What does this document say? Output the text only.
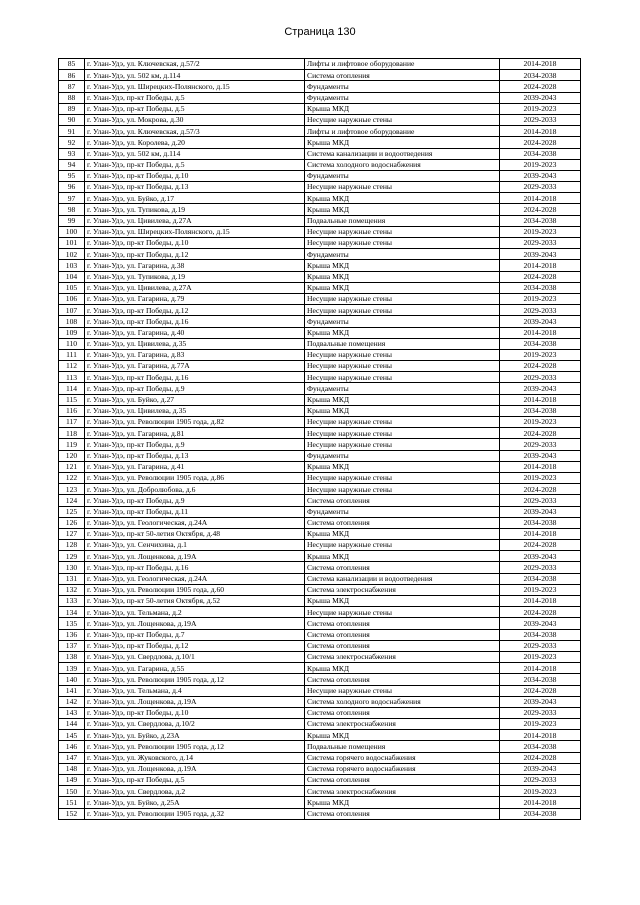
Страница 130
85	г. Улан-Удэ, ул. Ключевская, д.57/2	Лифты и лифтовое оборудование	2014-2018
86	г. Улан-Удэ, ул. 502 км, д.114	Система отопления	2034-2038
87	г. Улан-Удэ, ул. Ширецких-Полянского, д.15	Фундаменты	2024-2028
88	г. Улан-Удэ, пр-кт Победы, д.5	Фундаменты	2039-2043
89	г. Улан-Удэ, пр-кт Победы, д.5	Крыша МКД	2019-2023
90	г. Улан-Удэ, ул. Мокрова, д.30	Несущие наружные стены	2029-2033
91	г. Улан-Удэ, ул. Ключевская, д.57/3	Лифты и лифтовое оборудование	2014-2018
92	г. Улан-Удэ, ул. Королева, д.20	Крыша МКД	2024-2028
93	г. Улан-Удэ, ул. 502 км, д.114	Система канализации и водоотведения	2034-2038
94	г. Улан-Удэ, пр-кт Победы, д.5	Система холодного водоснабжения	2019-2023
95	г. Улан-Удэ, пр-кт Победы, д.10	Фундаменты	2039-2043
96	г. Улан-Удэ, пр-кт Победы, д.13	Несущие наружные стены	2029-2033
97	г. Улан-Удэ, ул. Буйко, д.17	Крыша МКД	2014-2018
98	г. Улан-Удэ, ул. Тупикова, д.19	Крыша МКД	2024-2028
99	г. Улан-Удэ, ул. Цивилева, д.27А	Подвальные помещения	2034-2038
100	г. Улан-Удэ, ул. Ширецких-Полянского, д.15	Несущие наружные стены	2019-2023
101	г. Улан-Удэ, пр-кт Победы, д.10	Несущие наружные стены	2029-2033
102	г. Улан-Удэ, пр-кт Победы, д.12	Фундаменты	2039-2043
103	г. Улан-Удэ, ул. Гагарина, д.38	Крыша МКД	2014-2018
104	г. Улан-Удэ, ул. Тупикова, д.19	Крыша МКД	2024-2028
105	г. Улан-Удэ, ул. Цивилева, д.27А	Крыша МКД	2034-2038
106	г. Улан-Удэ, ул. Гагарина, д.79	Несущие наружные стены	2019-2023
107	г. Улан-Удэ, пр-кт Победы, д.12	Несущие наружные стены	2029-2033
108	г. Улан-Удэ, пр-кт Победы, д.16	Фундаменты	2039-2043
109	г. Улан-Удэ, ул. Гагарина, д.40	Крыша МКД	2014-2018
110	г. Улан-Удэ, ул. Цивилева, д.35	Подвальные помещения	2034-2038
111	г. Улан-Удэ, ул. Гагарина, д.83	Несущие наружные стены	2019-2023
112	г. Улан-Удэ, ул. Гагарина, д.77А	Несущие наружные стены	2024-2028
113	г. Улан-Удэ, пр-кт Победы, д.16	Несущие наружные стены	2029-2033
114	г. Улан-Удэ, пр-кт Победы, д.9	Фундаменты	2039-2043
115	г. Улан-Удэ, ул. Буйко, д.27	Крыша МКД	2014-2018
116	г. Улан-Удэ, ул. Цивилева, д.35	Крыша МКД	2034-2038
117	г. Улан-Удэ, ул. Революции 1905 года, д.82	Несущие наружные стены	2019-2023
118	г. Улан-Удэ, ул. Гагарина, д.81	Несущие наружные стены	2024-2028
119	г. Улан-Удэ, пр-кт Победы, д.9	Несущие наружные стены	2029-2033
120	г. Улан-Удэ, пр-кт Победы, д.13	Фундаменты	2039-2043
121	г. Улан-Удэ, ул. Гагарина, д.41	Крыша МКД	2014-2018
122	г. Улан-Удэ, ул. Революции 1905 года, д.86	Несущие наружные стены	2019-2023
123	г. Улан-Удэ, ул. Добролюбова, д.6	Несущие наружные стены	2024-2028
124	г. Улан-Удэ, пр-кт Победы, д.9	Система отопления	2029-2033
125	г. Улан-Удэ, пр-кт Победы, д.11	Фундаменты	2039-2043
126	г. Улан-Удэ, ул. Геологическая, д.24А	Система отопления	2034-2038
127	г. Улан-Удэ, пр-кт 50-летия Октября, д.48	Крыша МКД	2014-2018
128	г. Улан-Удэ, ул. Сенчихина, д.1	Несущие наружные стены	2024-2028
129	г. Улан-Удэ, ул. Лощенкова, д.19А	Крыша МКД	2039-2043
130	г. Улан-Удэ, пр-кт Победы, д.16	Система отопления	2029-2033
131	г. Улан-Удэ, ул. Геологическая, д.24А	Система канализации и водоотведения	2034-2038
132	г. Улан-Удэ, ул. Революции 1905 года, д.60	Система электроснабжения	2019-2023
133	г. Улан-Удэ, пр-кт 50-летия Октября, д.52	Крыша МКД	2014-2018
134	г. Улан-Удэ, ул. Тельмана, д.2	Несущие наружные стены	2024-2028
135	г. Улан-Удэ, ул. Лощенкова, д.19А	Система отопления	2039-2043
136	г. Улан-Удэ, пр-кт Победы, д.7	Система отопления	2034-2038
137	г. Улан-Удэ, пр-кт Победы, д.12	Система отопления	2029-2033
138	г. Улан-Удэ, ул. Свердлова, д.10/1	Система электроснабжения	2019-2023
139	г. Улан-Удэ, ул. Гагарина, д.55	Крыша МКД	2014-2018
140	г. Улан-Удэ, ул. Революции 1905 года, д.12	Система отопления	2034-2038
141	г. Улан-Удэ, ул. Тельмана, д.4	Несущие наружные стены	2024-2028
142	г. Улан-Удэ, ул. Лощенкова, д.19А	Система холодного водоснабжения	2039-2043
143	г. Улан-Удэ, пр-кт Победы, д.10	Система отопления	2029-2033
144	г. Улан-Удэ, ул. Свердлова, д.10/2	Система электроснабжения	2019-2023
145	г. Улан-Удэ, ул. Буйко, д.23А	Крыша МКД	2014-2018
146	г. Улан-Удэ, ул. Революции 1905 года, д.12	Подвальные помещения	2034-2038
147	г. Улан-Удэ, ул. Жуковского, д.14	Система горячего водоснабжения	2024-2028
148	г. Улан-Удэ, ул. Лощенкова, д.19А	Система горячего водоснабжения	2039-2043
149	г. Улан-Удэ, пр-кт Победы, д.5	Система отопления	2029-2033
150	г. Улан-Удэ, ул. Свердлова, д.2	Система электроснабжения	2019-2023
151	г. Улан-Удэ, ул. Буйко, д.25А	Крыша МКД	2014-2018
152	г. Улан-Удэ, ул. Революции 1905 года, д.32	Система отопления	2034-2038
